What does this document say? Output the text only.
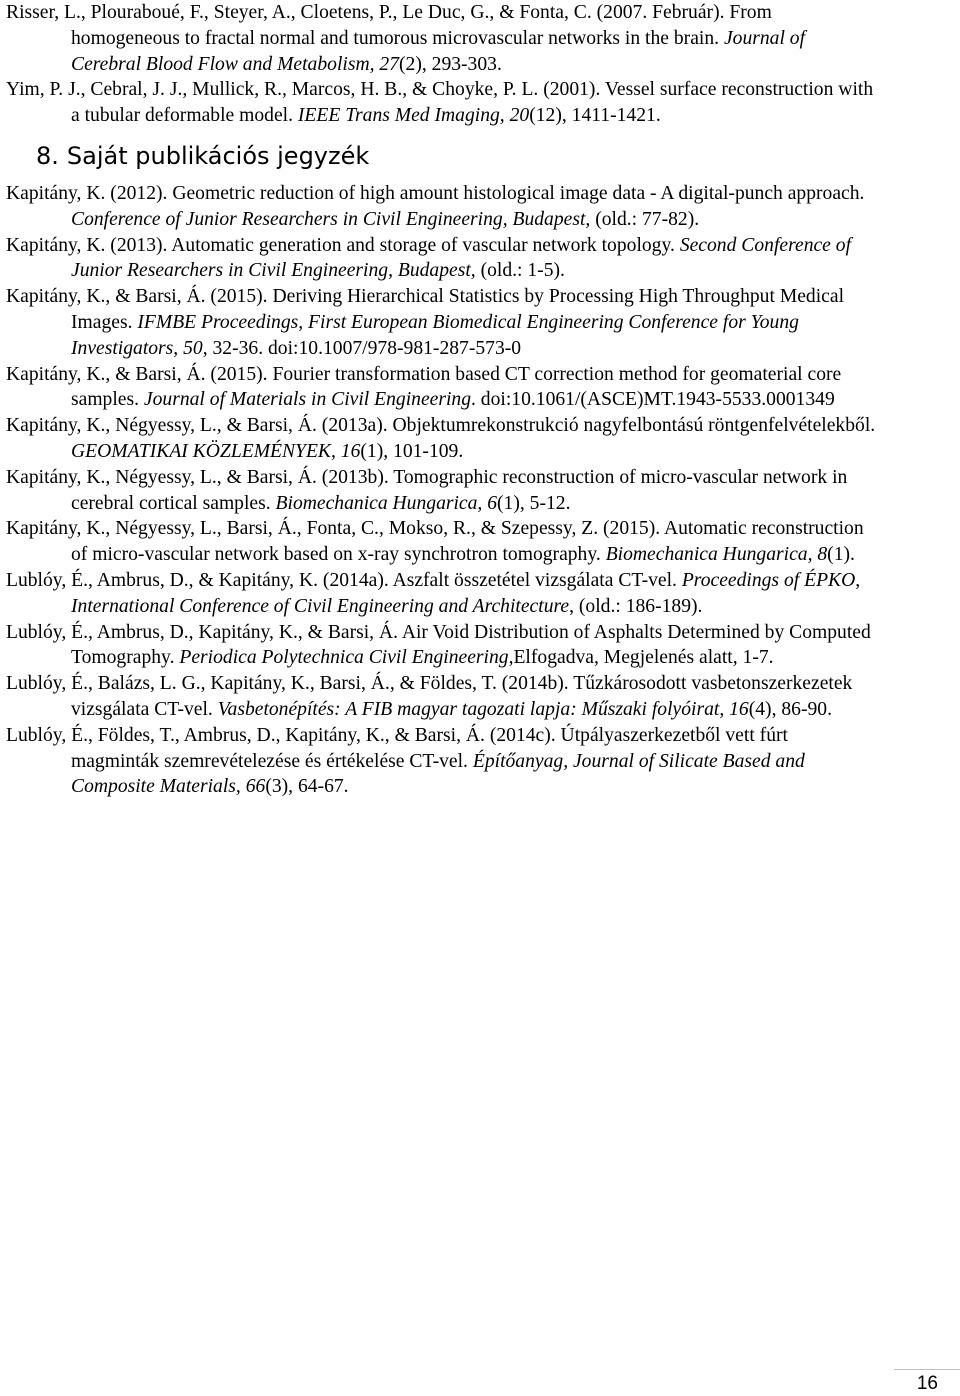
Risser, L., Plouraboué, F., Steyer, A., Cloetens, P., Le Duc, G., & Fonta, C. (2007. Február). From homogeneous to fractal normal and tumorous microvascular networks in the brain. Journal of Cerebral Blood Flow and Metabolism, 27(2), 293-303.

Yim, P. J., Cebral, J. J., Mullick, R., Marcos, H. B., & Choyke, P. L. (2001). Vessel surface reconstruction with a tubular deformable model. IEEE Trans Med Imaging, 20(12), 1411-1421.

8. Saját publikációs jegyzék

Kapitány, K. (2012). Geometric reduction of high amount histological image data - A digital-punch approach. Conference of Junior Researchers in Civil Engineering, Budapest, (old.: 77-82).

Kapitány, K. (2013). Automatic generation and storage of vascular network topology. Second Conference of Junior Researchers in Civil Engineering, Budapest, (old.: 1-5).

Kapitány, K., & Barsi, Á. (2015). Deriving Hierarchical Statistics by Processing High Throughput Medical Images. IFMBE Proceedings, First European Biomedical Engineering Conference for Young Investigators, 50, 32-36. doi:10.1007/978-981-287-573-0

Kapitány, K., & Barsi, Á. (2015). Fourier transformation based CT correction method for geomaterial core samples. Journal of Materials in Civil Engineering. doi:10.1061/(ASCE)MT.1943-5533.0001349

Kapitány, K., Négyessy, L., & Barsi, Á. (2013a). Objektumrekonstrukció nagyfelbontású röntgenfelvételekből. GEOMATIKAI KÖZLEMÉNYEK, 16(1), 101-109.

Kapitány, K., Négyessy, L., & Barsi, Á. (2013b). Tomographic reconstruction of micro-vascular network in cerebral cortical samples. Biomechanica Hungarica, 6(1), 5-12.

Kapitány, K., Négyessy, L., Barsi, Á., Fonta, C., Mokso, R., & Szepessy, Z. (2015). Automatic reconstruction of micro-vascular network based on x-ray synchrotron tomography. Biomechanica Hungarica, 8(1).

Lublóy, É., Ambrus, D., & Kapitány, K. (2014a). Aszfalt összetétel vizsgálata CT-vel. Proceedings of ÉPKO, International Conference of Civil Engineering and Architecture, (old.: 186-189).

Lublóy, É., Ambrus, D., Kapitány, K., & Barsi, Á. Air Void Distribution of Asphalts Determined by Computed Tomography. Periodica Polytechnica Civil Engineering,Elfogadva, Megjelenés alatt, 1-7.

Lublóy, É., Balázs, L. G., Kapitány, K., Barsi, Á., & Földes, T. (2014b). Tűzkárosodott vasbetonszerkezetek vizsgálata CT-vel. Vasbetonépítés: A FIB magyar tagozati lapja: Műszaki folyóirat, 16(4), 86-90.

Lublóy, É., Földes, T., Ambrus, D., Kapitány, K., & Barsi, Á. (2014c). Útpályaszerkezetből vett fúrt magminták szemrevételezése és értékelése CT-vel. Építőanyag, Journal of Silicate Based and Composite Materials, 66(3), 64-67.

16
